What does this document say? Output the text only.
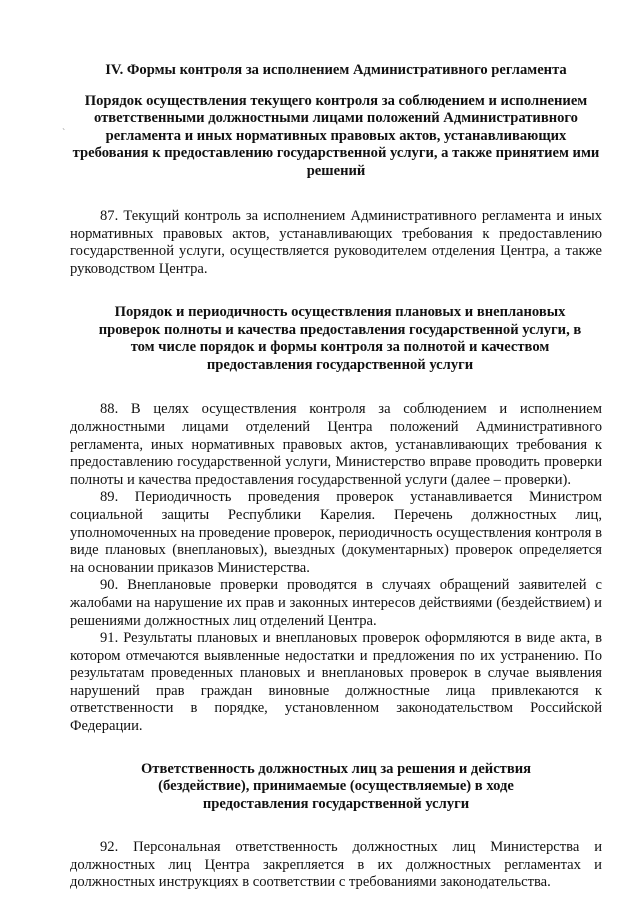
IV. Формы контроля за исполнением Административного регламента
Порядок осуществления текущего контроля за соблюдением и исполнением ответственными должностными лицами положений Административного регламента и иных нормативных правовых актов, устанавливающих требования к предоставлению государственной услуги, а также принятием ими решений

87. Текущий контроль за исполнением Административного регламента и иных нормативных правовых актов, устанавливающих требования к предоставлению государственной услуги, осуществляется руководителем отделения Центра, а также руководством Центра.

Порядок и периодичность осуществления плановых и внеплановых проверок полноты и качества предоставления государственной услуги, в том числе порядок и формы контроля за полнотой и качеством предоставления государственной услуги

88. В целях осуществления контроля за соблюдением и исполнением должностными лицами отделений Центра положений Административного регламента, иных нормативных правовых актов, устанавливающих требования к предоставлению государственной услуги, Министерство вправе проводить проверки полноты и качества предоставления государственной услуги (далее – проверки).

89. Периодичность проведения проверок устанавливается Министром социальной защиты Республики Карелия. Перечень должностных лиц, уполномоченных на проведение проверок, периодичность осуществления контроля в виде плановых (внеплановых), выездных (документарных) проверок определяется на основании приказов Министерства.

90. Внеплановые проверки проводятся в случаях обращений заявителей с жалобами на нарушение их прав и законных интересов действиями (бездействием) и решениями должностных лиц отделений Центра.

91. Результаты плановых и внеплановых проверок оформляются в виде акта, в котором отмечаются выявленные недостатки и предложения по их устранению. По результатам проведенных плановых и внеплановых проверок в случае выявления нарушений прав граждан виновные должностные лица привлекаются к ответственности в порядке, установленном законодательством Российской Федерации.

Ответственность должностных лиц за решения и действия (бездействие), принимаемые (осуществляемые) в ходе предоставления государственной услуги

92. Персональная ответственность должностных лиц Министерства и должностных лиц Центра закрепляется в их должностных регламентах и должностных инструкциях в соответствии с требованиями законодательства.

`
